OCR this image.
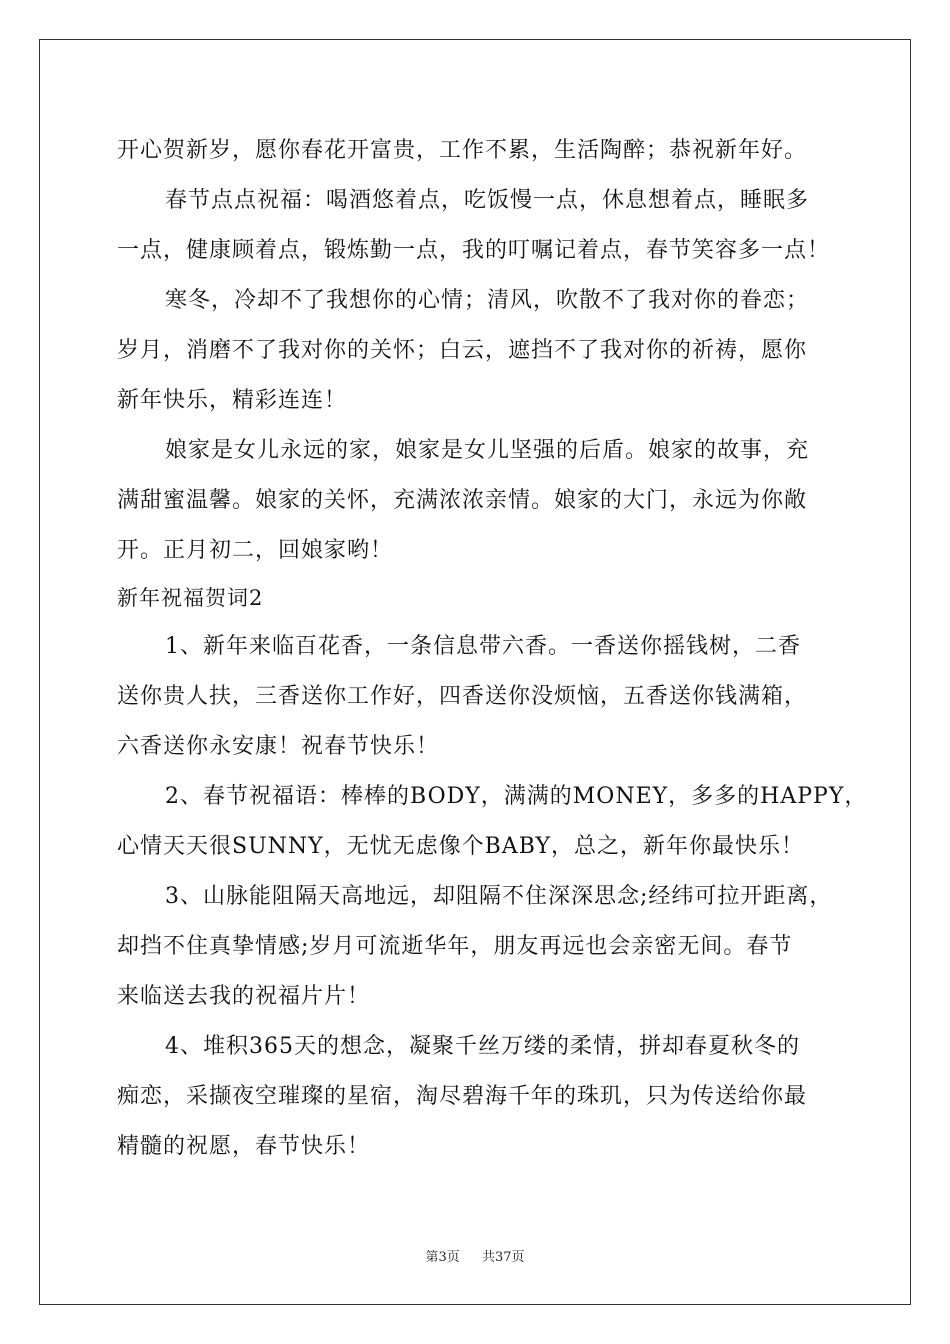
开心贺新岁，愿你春花开富贵，工作不累，生活陶醉；恭祝新年好。
春节点点祝福：喝酒悠着点，吃饭慢一点，休息想着点，睡眠多
一点，健康顾着点，锻炼勤一点，我的叮嘱记着点，春节笑容多一点！
寒冬，冷却不了我想你的心情；清风，吹散不了我对你的眷恋；
岁月，消磨不了我对你的关怀；白云，遮挡不了我对你的祈祷，愿你
新年快乐，精彩连连！
娘家是女儿永远的家，娘家是女儿坚强的后盾。娘家的故事，充
满甜蜜温馨。娘家的关怀，充满浓浓亲情。娘家的大门，永远为你敞
开。正月初二，回娘家哟！
新年祝福贺词2
1、新年来临百花香，一条信息带六香。一香送你摇钱树，二香
送你贵人扶，三香送你工作好，四香送你没烦恼，五香送你钱满箱，
六香送你永安康！祝春节快乐！
2、春节祝福语：棒棒的BODY，满满的MONEY，多多的HAPPY，
心情天天很SUNNY，无忧无虑像个BABY，总之，新年你最快乐！
3、山脉能阻隔天高地远，却阻隔不住深深思念;经纬可拉开距离，
却挡不住真挚情感;岁月可流逝华年，朋友再远也会亲密无间。春节
来临送去我的祝福片片！
4、堆积365天的想念，凝聚千丝万缕的柔情，拼却春夏秋冬的
痴恋，采撷夜空璀璨的星宿，淘尽碧海千年的珠玑，只为传送给你最
精髓的祝愿，春节快乐！
第3页 共37页
